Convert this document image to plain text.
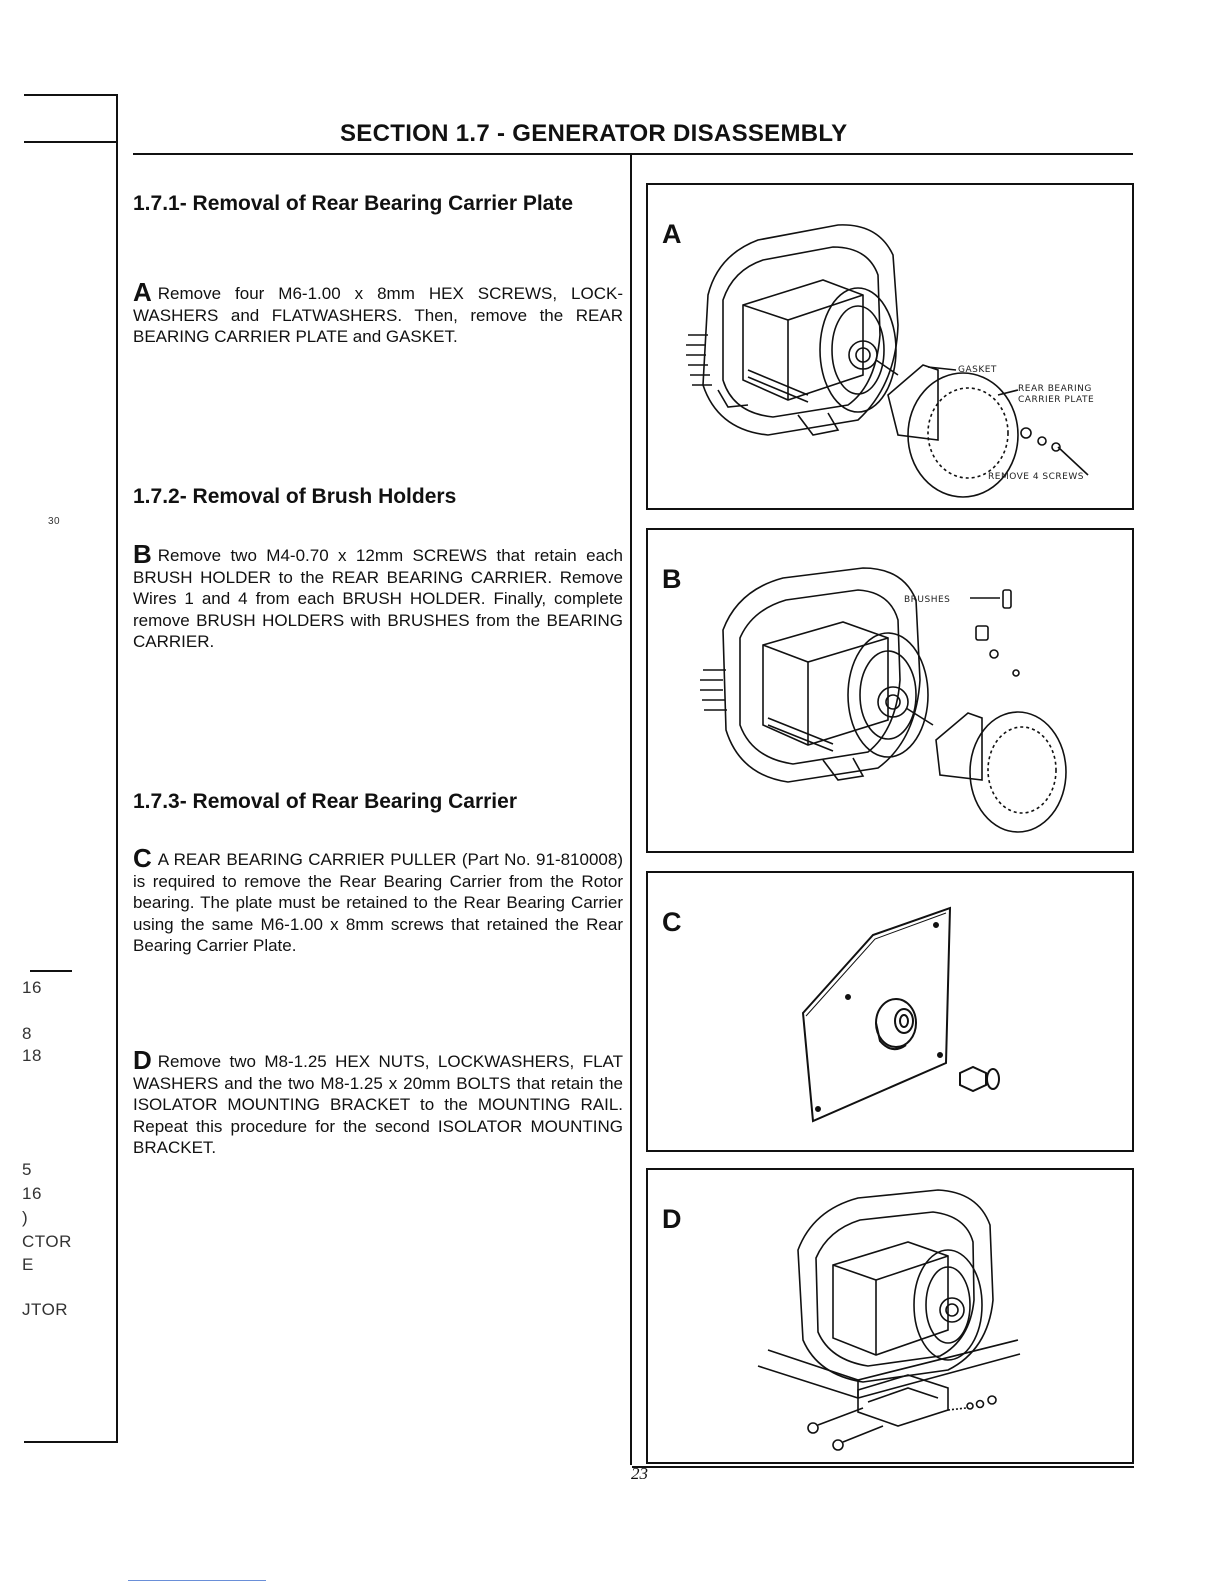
30
16
8
18
5
16
)
CTOR
E
JTOR
SECTION 1.7 - GENERATOR DISASSEMBLY
1.7.1- Removal of Rear Bearing Carrier Plate
A Remove four M6-1.00 x 8mm HEX SCREWS, LOCK-WASHERS and FLATWASHERS. Then, remove the REAR BEARING CARRIER PLATE and GASKET.
1.7.2- Removal of Brush Holders
B Remove two M4-0.70 x 12mm SCREWS that retain each BRUSH HOLDER to the REAR BEARING CARRIER. Remove Wires 1 and 4 from each BRUSH HOLDER. Finally, complete remove BRUSH HOLDERS with BRUSHES from the BEARING CARRIER.
1.7.3- Removal of Rear Bearing Carrier
C A REAR BEARING CARRIER PULLER (Part No. 91-810008) is required to remove the Rear Bearing Carrier from the Rotor bearing. The plate must be retained to the Rear Bearing Carrier using the same M6-1.00 x 8mm screws that retained the Rear Bearing Carrier Plate.
D Remove two M8-1.25 HEX NUTS, LOCKWASHERS, FLAT WASHERS and the two M8-1.25 x 20mm BOLTS that retain the ISOLATOR MOUNTING BRACKET to the MOUNTING RAIL. Repeat this procedure for the second ISOLATOR MOUNTING BRACKET.
A
GASKET
REAR BEARING
CARRIER PLATE
REMOVE 4 SCREWS
B
BRUSHES
C
D
23
